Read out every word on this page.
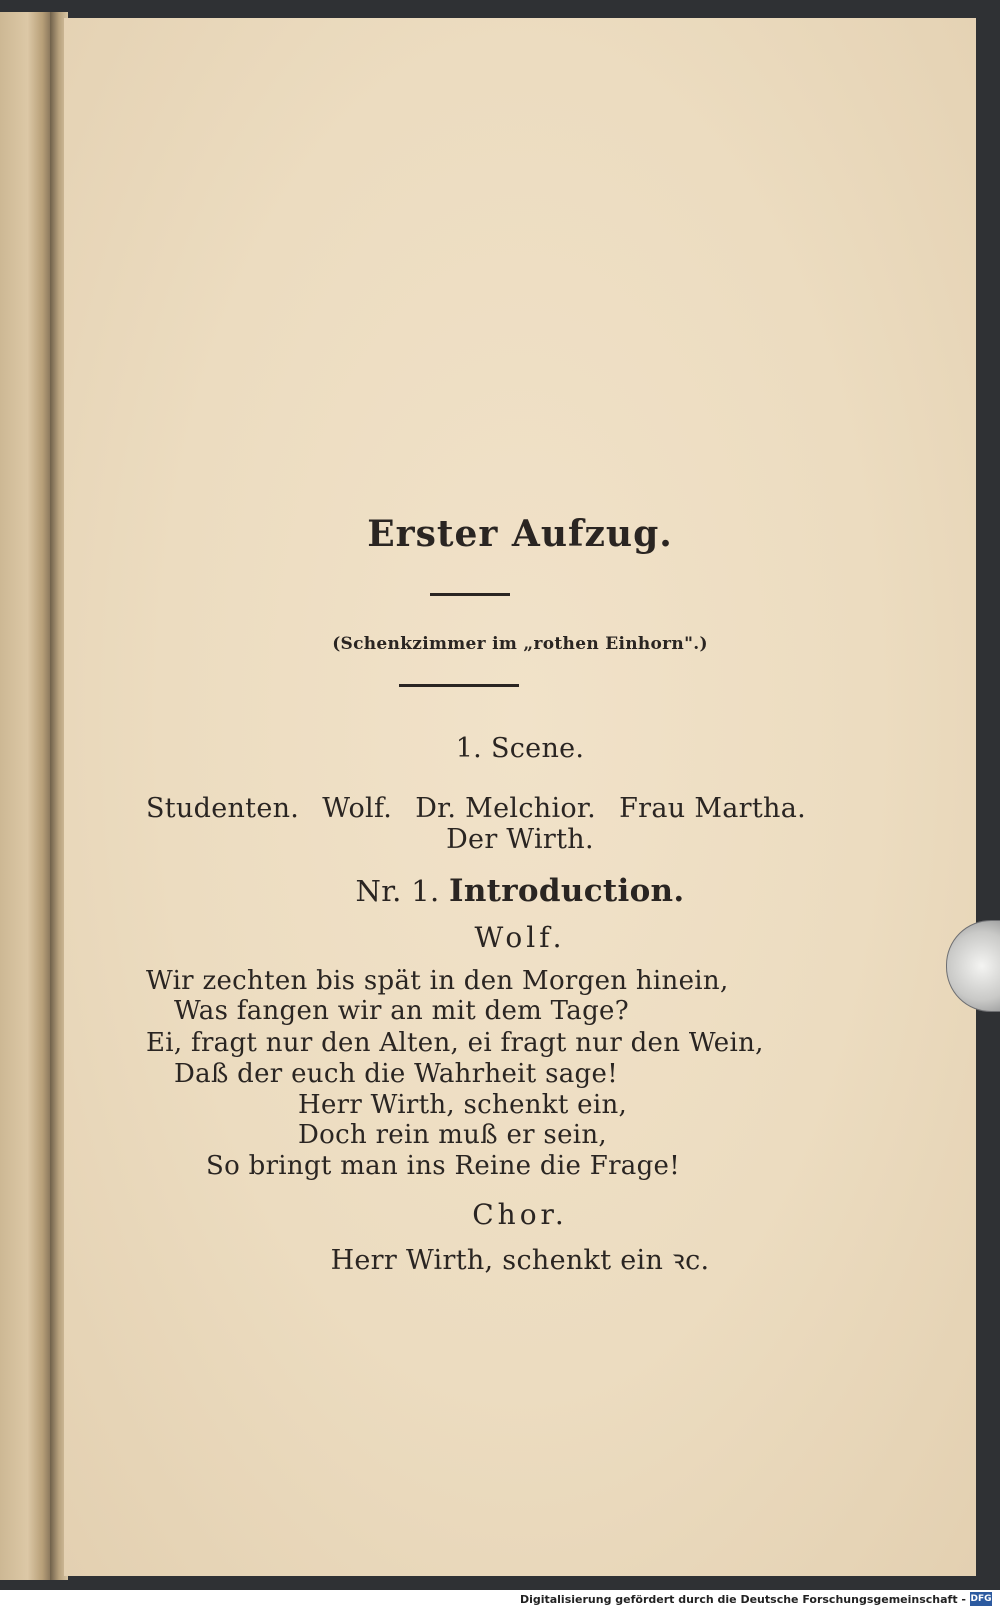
Erster Aufzug.
(Schenkzimmer im „rothen Einhorn".)
1. Scene.
Studenten. Wolf. Dr. Melchior. Frau Martha.
Der Wirth.
Nr. 1. Introduction.
Wolf.
Wir zechten bis spät in den Morgen hinein,
Was fangen wir an mit dem Tage?
Ei, fragt nur den Alten, ei fragt nur den Wein,
Daß der euch die Wahrheit sage!
Herr Wirth, schenkt ein,
Doch rein muß er sein,
So bringt man ins Reine die Frage!
Chor.
Herr Wirth, schenkt ein ꝛc.
Digitalisierung gefördert durch die Deutsche Forschungsgemeinschaft - DFG
